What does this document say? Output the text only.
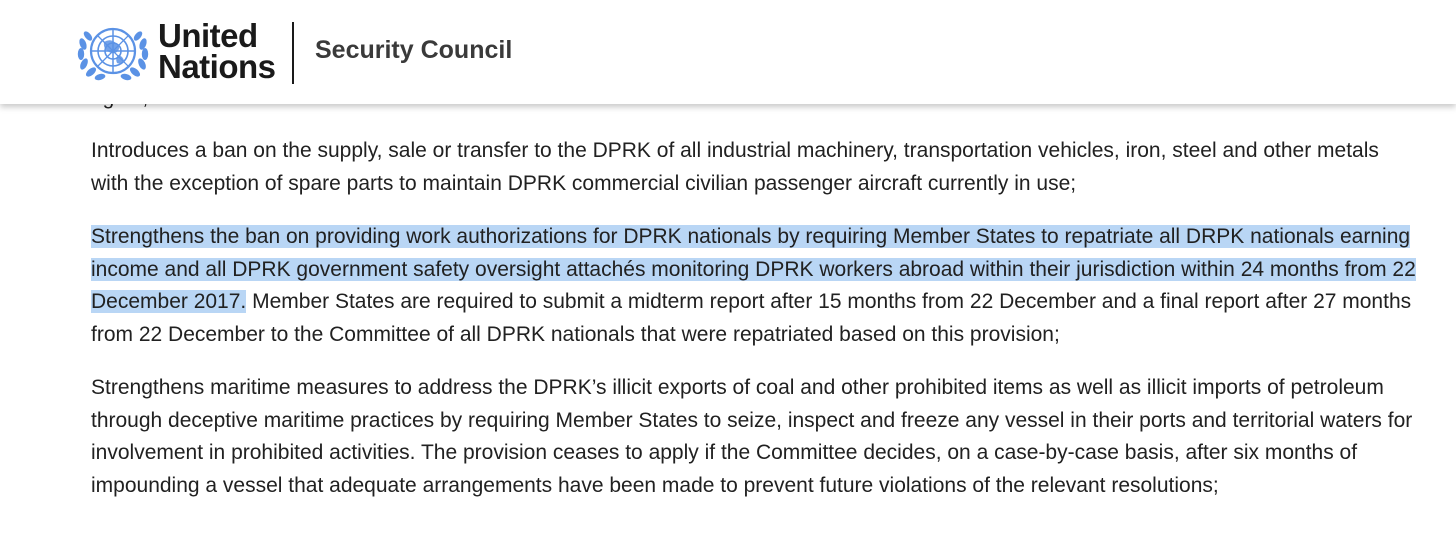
Introduces a ban on the supply, sale or transfer to the DPRK of all industrial machinery, transportation vehicles, iron, steel and other metals with the exception of spare parts to maintain DPRK commercial civilian passenger aircraft currently in use;

Strengthens the ban on providing work authorizations for DPRK nationals by requiring Member States to repatriate all DRPK nationals earning income and all DPRK government safety oversight attachés monitoring DPRK workers abroad within their jurisdiction within 24 months from 22 December 2017. Member States are required to submit a midterm report after 15 months from 22 December and a final report after 27 months from 22 December to the Committee of all DPRK nationals that were repatriated based on this provision;

Strengthens maritime measures to address the DPRK’s illicit exports of coal and other prohibited items as well as illicit imports of petroleum through deceptive maritime practices by requiring Member States to seize, inspect and freeze any vessel in their ports and territorial waters for involvement in prohibited activities. The provision ceases to apply if the Committee decides, on a case-by-case basis, after six months of impounding a vessel that adequate arrangements have been made to prevent future violations of the relevant resolutions;

United
Nations Security Council
